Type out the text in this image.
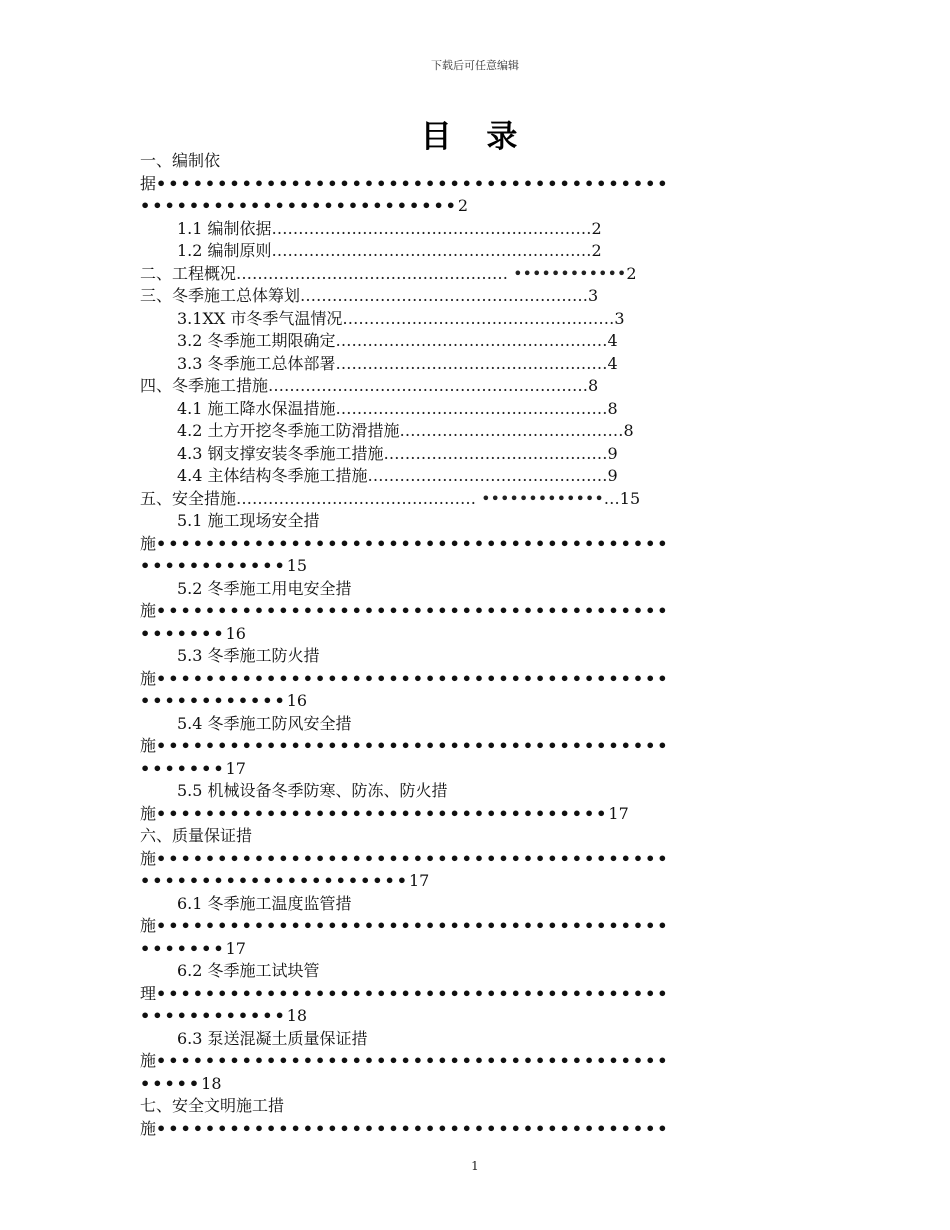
下载后可任意编辑
目 录
一、编制依
据••••••••••••••••••••••••••••••••••••••••••
••••••••••••••••••••••••••2
1.1 编制依据……………………………………………………2
1.2 编制原则……………………………………………………2
二、工程概况…………………………………………… ••••••••••••2
三、冬季施工总体筹划………………………………………………3
3.1XX 市冬季气温情况……………………………………………3
3.2 冬季施工期限确定……………………………………………4
3.3 冬季施工总体部署……………………………………………4
四、冬季施工措施……………………………………………………8
4.1 施工降水保温措施……………………………………………8
4.2 土方开挖冬季施工防滑措施……………………………………8
4.3 钢支撑安装冬季施工措施……………………………………9
4.4 主体结构冬季施工措施………………………………………9
五、安全措施……………………………………… •••••••••••••…15
5.1 施工现场安全措
施••••••••••••••••••••••••••••••••••••••••••
••••••••••••15
5.2 冬季施工用电安全措
施••••••••••••••••••••••••••••••••••••••••••
•••••••16
5.3 冬季施工防火措
施••••••••••••••••••••••••••••••••••••••••••
••••••••••••16
5.4 冬季施工防风安全措
施••••••••••••••••••••••••••••••••••••••••••
•••••••17
5.5 机械设备冬季防寒、防冻、防火措
施•••••••••••••••••••••••••••••••••••••17
六、质量保证措
施••••••••••••••••••••••••••••••••••••••••••
••••••••••••••••••••••17
6.1 冬季施工温度监管措
施••••••••••••••••••••••••••••••••••••••••••
•••••••17
6.2 冬季施工试块管
理••••••••••••••••••••••••••••••••••••••••••
••••••••••••18
6.3 泵送混凝土质量保证措
施••••••••••••••••••••••••••••••••••••••••••
•••••18
七、安全文明施工措
施••••••••••••••••••••••••••••••••••••••••••
1
